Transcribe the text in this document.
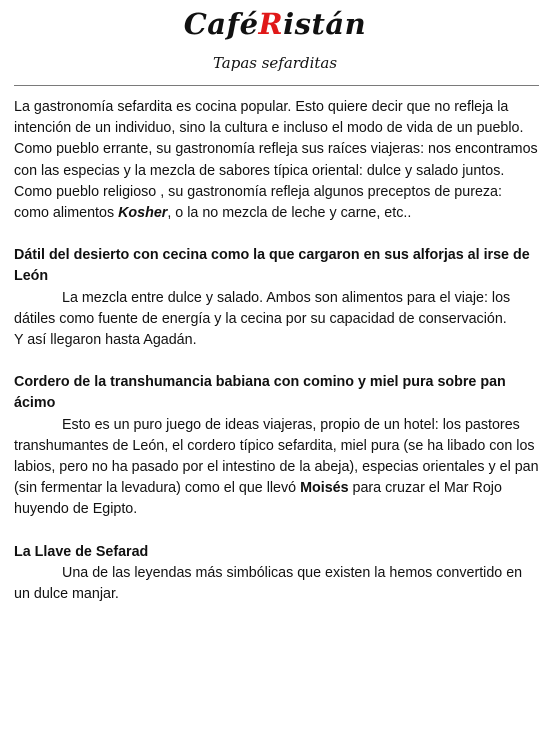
CaféRistán
Tapas sefarditas

La gastronomía sefardita es cocina popular. Esto quiere decir que no refleja la intención de un individuo, sino la cultura e incluso el modo de vida de un pueblo.

Como pueblo errante, su gastronomía refleja sus raíces viajeras: nos encontramos con las especias y la mezcla de sabores típica oriental: dulce y salado juntos.

Como pueblo religioso , su gastronomía refleja algunos preceptos de pureza: como alimentos Kosher, o la no mezcla de leche y carne, etc..

Dátil del desierto con cecina como la que cargaron en sus alforjas al irse de León

La mezcla entre dulce y salado. Ambos son alimentos para el viaje: los dátiles como fuente de energía y la cecina por su capacidad de conservación.

Y así llegaron hasta Agadán.

Cordero de la transhumancia babiana con comino y miel pura sobre pan ácimo

Esto es un puro juego de ideas viajeras, propio de un hotel: los pastores transhumantes de León, el cordero típico sefardita, miel pura (se ha libado con los labios, pero no ha pasado por el intestino de la abeja), especias orientales y el pan (sin fermentar la levadura) como el que llevó Moisés para cruzar el Mar Rojo huyendo de Egipto.

La Llave de Sefarad

Una de las leyendas más simbólicas que existen la hemos convertido en un dulce manjar.
